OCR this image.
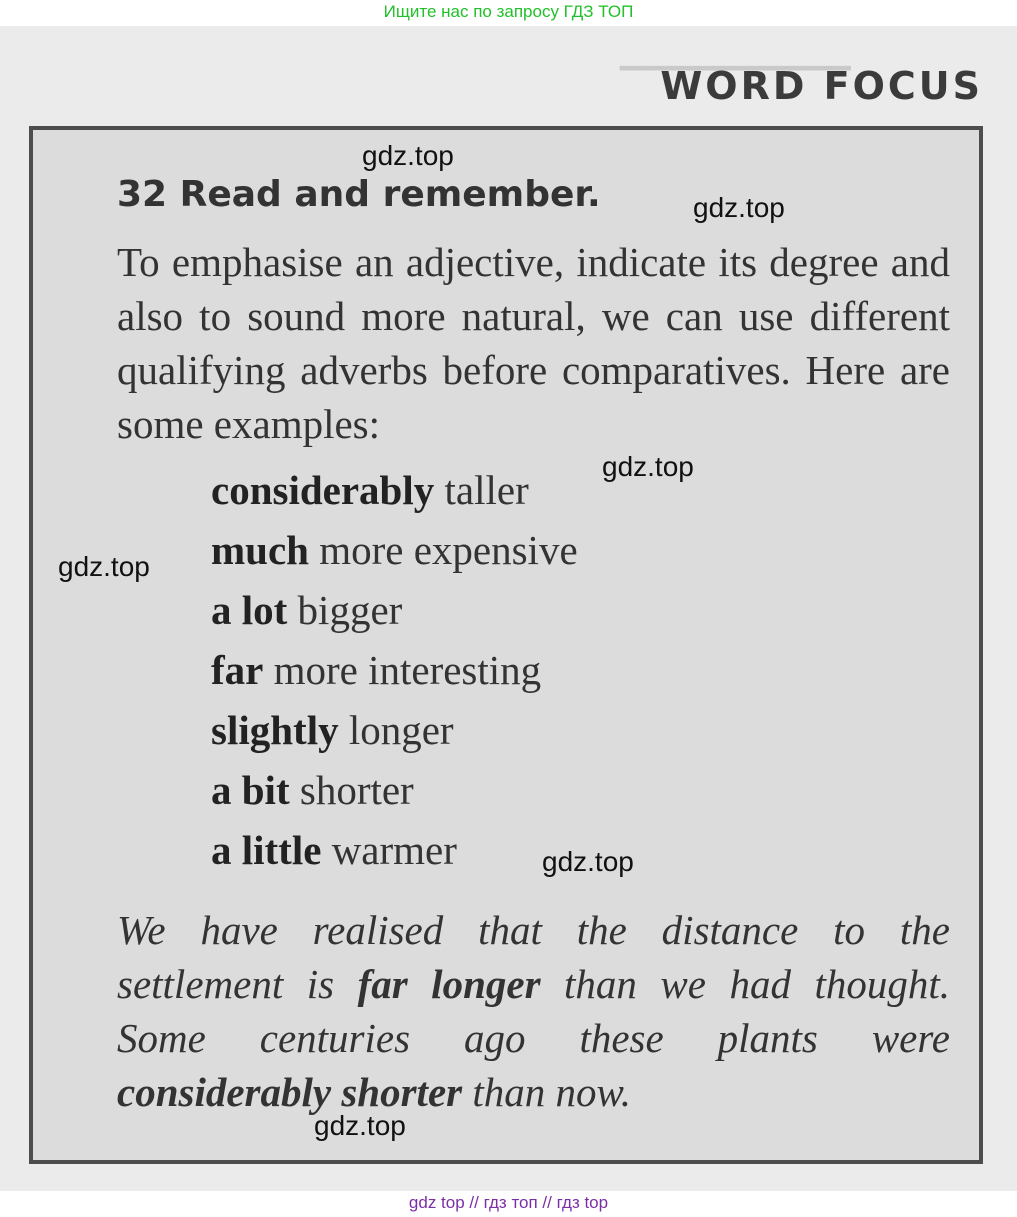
Ищите нас по запросу ГДЗ ТОП
▁▁▁▁▁▁▁▁▁▁
WORD FOCUS
32 Read and remember.

To emphasise an adjective, indicate its degree and also to sound more natural, we can use different qualifying adverbs before comparatives. Here are some examples:

considerably taller
much more expensive
a lot bigger
far more interesting
slightly longer
a bit shorter
a little warmer

We have realised that the distance to the settlement is far longer than we had thought. Some centuries ago these plants were considerably shorter than now.

gdz.top
gdz.top
gdz.top
gdz.top
gdz.top
gdz.top
gdz top // гдз топ // гдз top
